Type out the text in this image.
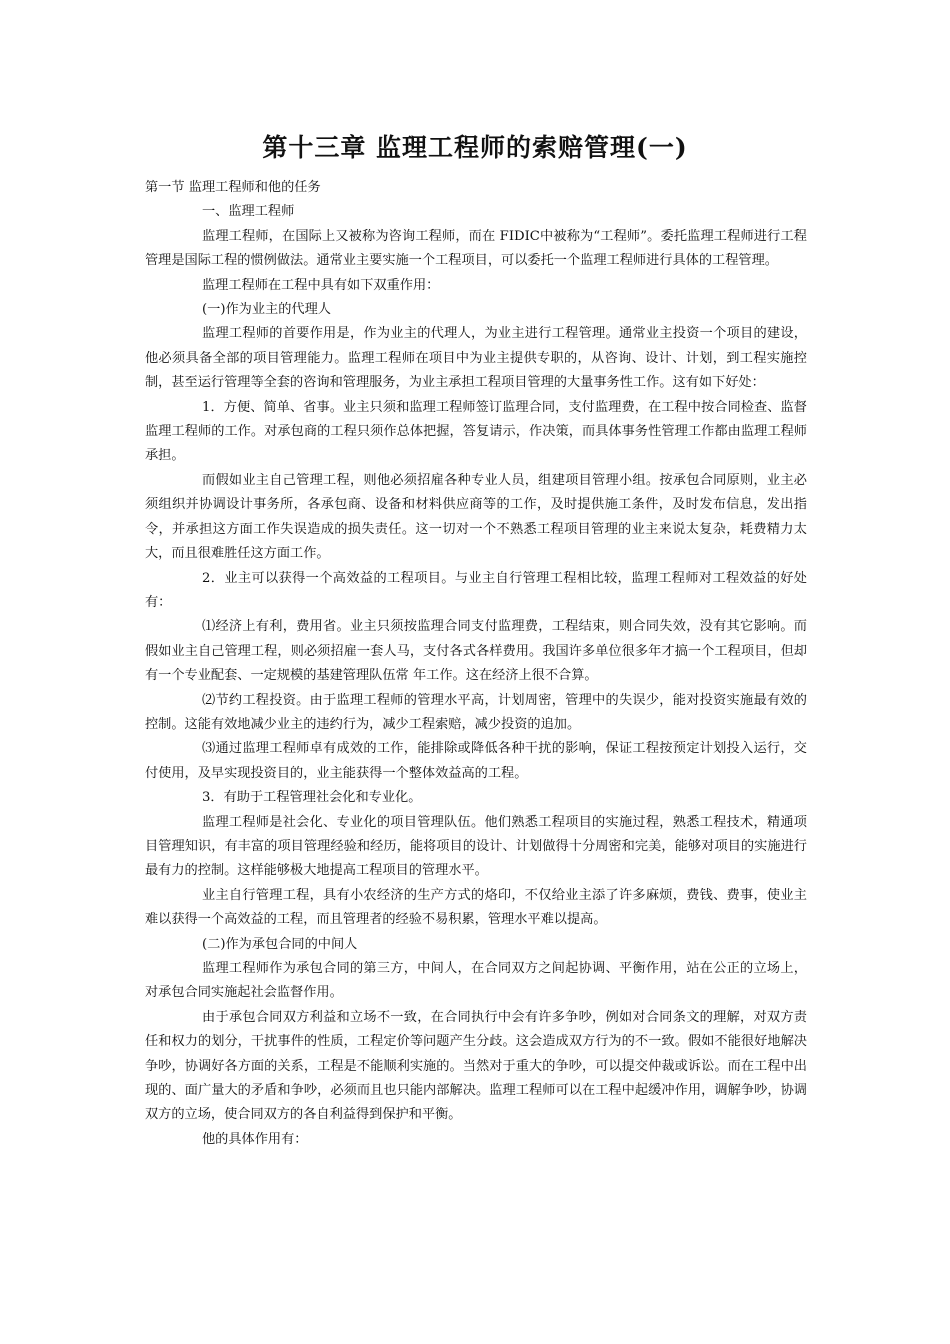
第十三章 监理工程师的索赔管理(一)

第一节 监理工程师和他的任务

一、监理工程师

监理工程师，在国际上又被称为咨询工程师，而在 FIDIC中被称为“工程师”。委托监理工程师进行工程管理是国际工程的惯例做法。通常业主要实施一个工程项目，可以委托一个监理工程师进行具体的工程管理。

监理工程师在工程中具有如下双重作用：

(一)作为业主的代理人

监理工程师的首要作用是，作为业主的代理人，为业主进行工程管理。通常业主投资一个项目的建设，他必须具备全部的项目管理能力。监理工程师在项目中为业主提供专职的，从咨询、设计、计划，到工程实施控制，甚至运行管理等全套的咨询和管理服务，为业主承担工程项目管理的大量事务性工作。这有如下好处：

1．方便、简单、省事。业主只须和监理工程师签订监理合同，支付监理费，在工程中按合同检查、监督监理工程师的工作。对承包商的工程只须作总体把握，答复请示，作决策，而具体事务性管理工作都由监理工程师承担。

而假如业主自己管理工程，则他必须招雇各种专业人员，组建项目管理小组。按承包合同原则，业主必须组织并协调设计事务所，各承包商、设备和材料供应商等的工作，及时提供施工条件，及时发布信息，发出指令，并承担这方面工作失误造成的损失责任。这一切对一个不熟悉工程项目管理的业主来说太复杂，耗费精力太大，而且很难胜任这方面工作。

2．业主可以获得一个高效益的工程项目。与业主自行管理工程相比较，监理工程师对工程效益的好处有：

⑴经济上有利，费用省。业主只须按监理合同支付监理费，工程结束，则合同失效，没有其它影响。而假如业主自己管理工程，则必须招雇一套人马，支付各式各样费用。我国许多单位很多年才搞一个工程项目，但却有一个专业配套、一定规模的基建管理队伍常 年工作。这在经济上很不合算。

⑵节约工程投资。由于监理工程师的管理水平高，计划周密，管理中的失误少，能对投资实施最有效的控制。这能有效地减少业主的违约行为，减少工程索赔，减少投资的追加。

⑶通过监理工程师卓有成效的工作，能排除或降低各种干扰的影响，保证工程按预定计划投入运行，交付使用，及早实现投资目的，业主能获得一个整体效益高的工程。

3．有助于工程管理社会化和专业化。

监理工程师是社会化、专业化的项目管理队伍。他们熟悉工程项目的实施过程，熟悉工程技术，精通项目管理知识，有丰富的项目管理经验和经历，能将项目的设计、计划做得十分周密和完美，能够对项目的实施进行最有力的控制。这样能够极大地提高工程项目的管理水平。

业主自行管理工程，具有小农经济的生产方式的烙印，不仅给业主添了许多麻烦，费钱、费事，使业主难以获得一个高效益的工程，而且管理者的经验不易积累，管理水平难以提高。

(二)作为承包合同的中间人

监理工程师作为承包合同的第三方，中间人，在合同双方之间起协调、平衡作用，站在公正的立场上，对承包合同实施起社会监督作用。

由于承包合同双方利益和立场不一致，在合同执行中会有许多争吵，例如对合同条文的理解，对双方责任和权力的划分，干扰事件的性质，工程定价等问题产生分歧。这会造成双方行为的不一致。假如不能很好地解决争吵，协调好各方面的关系，工程是不能顺利实施的。当然对于重大的争吵，可以提交仲裁或诉讼。而在工程中出现的、面广量大的矛盾和争吵，必须而且也只能内部解决。监理工程师可以在工程中起缓冲作用，调解争吵，协调双方的立场，使合同双方的各自利益得到保护和平衡。

他的具体作用有：
